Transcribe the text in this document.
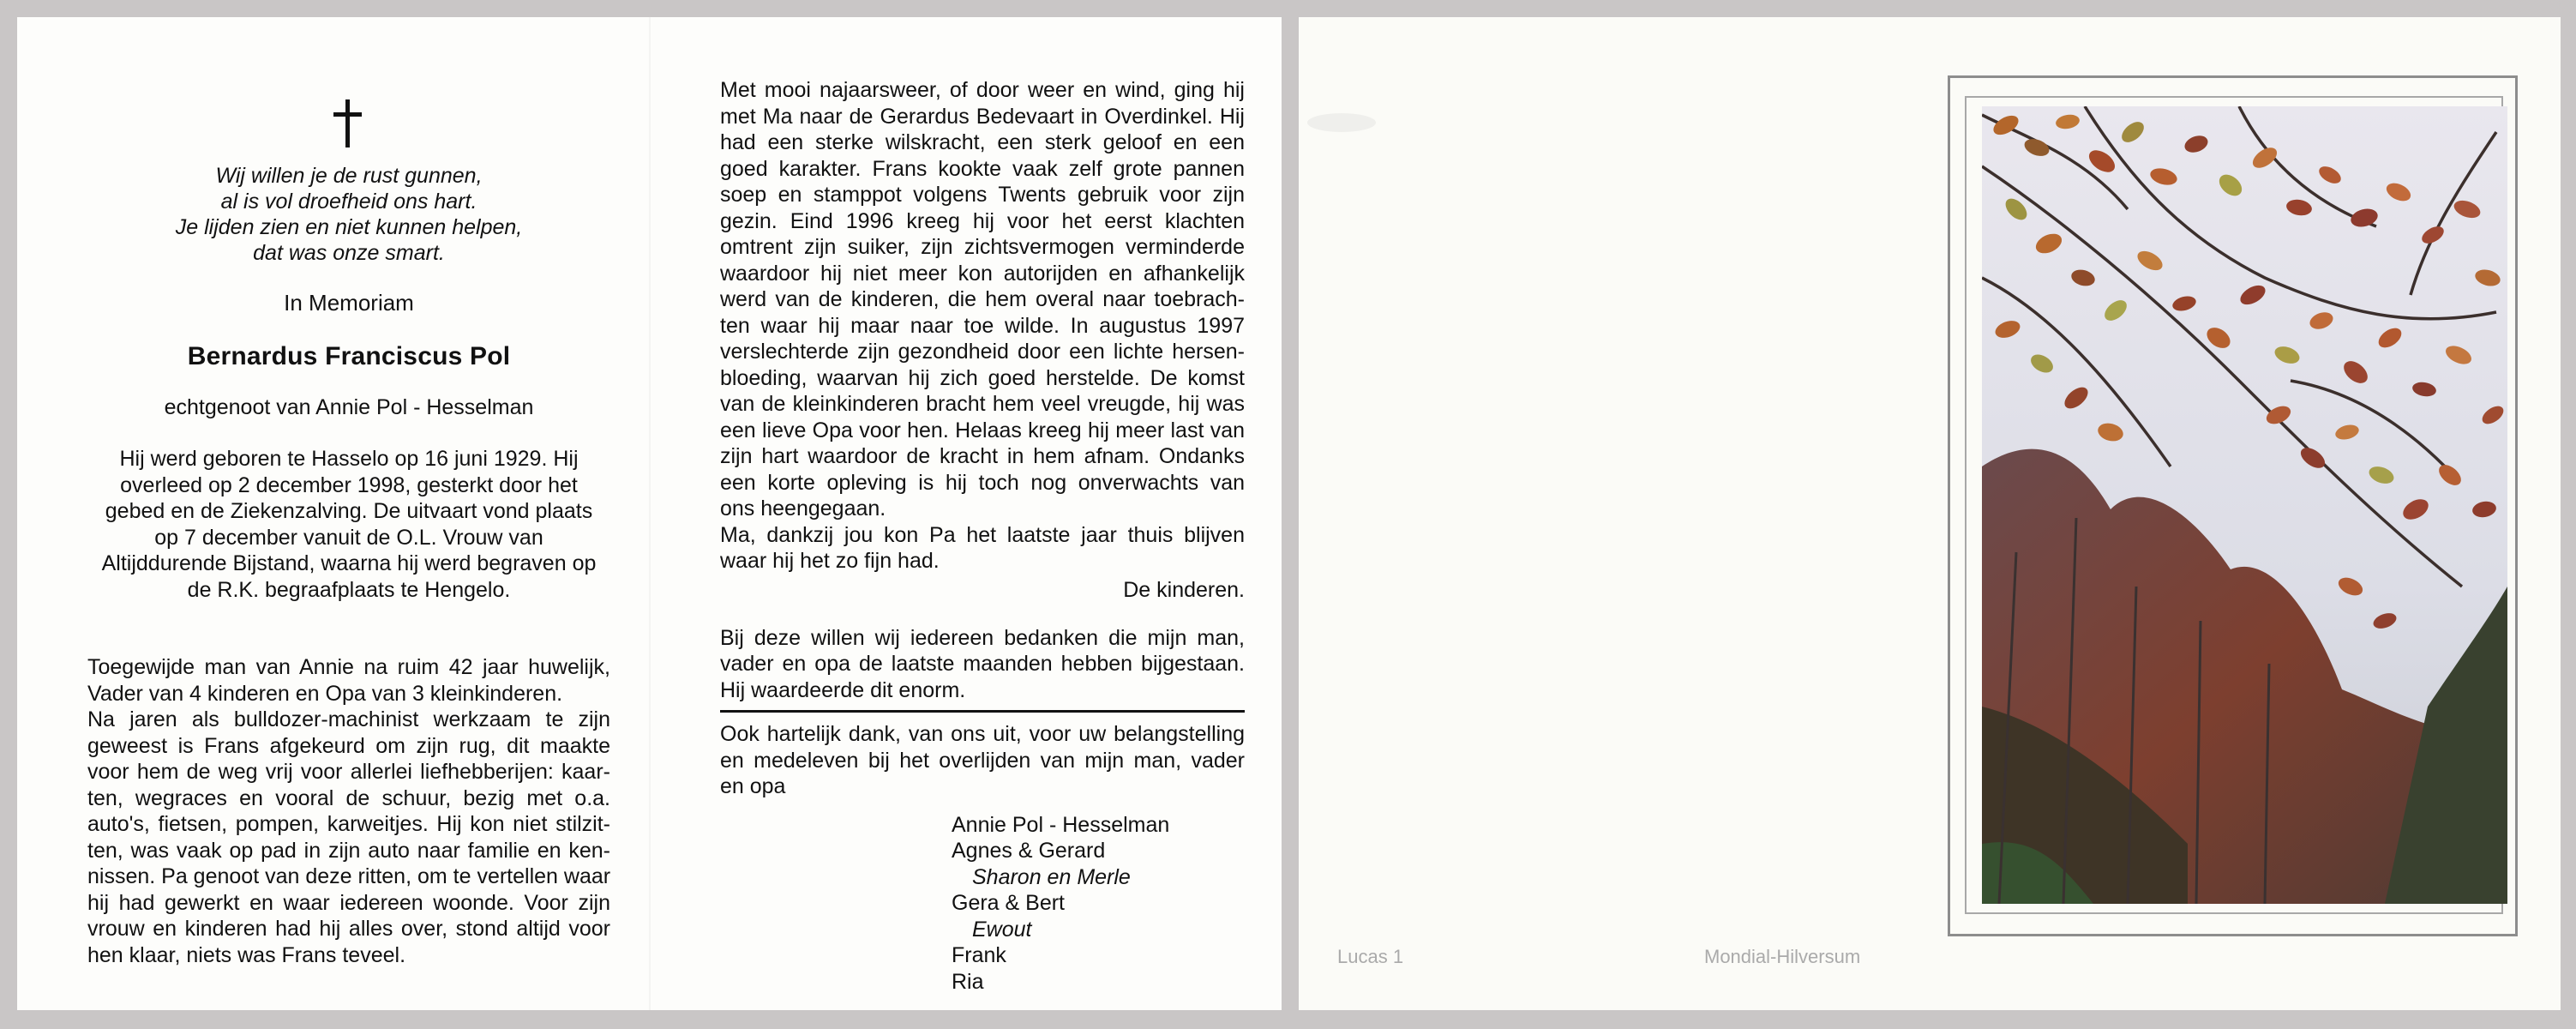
Wij willen je de rust gunnen,
al is vol droefheid ons hart.
Je lijden zien en niet kunnen helpen,
dat was onze smart.
In Memoriam
Bernardus Franciscus Pol
echtgenoot van Annie Pol - Hesselman
Hij werd geboren te Hasselo op 16 juni 1929. Hij
overleed op 2 december 1998, gesterkt door het
gebed en de Ziekenzalving. De uitvaart vond plaats
op 7 december vanuit de O.L. Vrouw van
Altijddurende Bijstand, waarna hij werd begraven op
de R.K. begraafplaats te Hengelo.
Toegewijde man van Annie na ruim 42 jaar huwelijk,
Vader van 4 kinderen en Opa van 3 kleinkinderen.
Na jaren als bulldozer-machinist werkzaam te zijn
geweest is Frans afgekeurd om zijn rug, dit maakte
voor hem de weg vrij voor allerlei liefhebberijen: kaar-
ten, wegraces en vooral de schuur, bezig met o.a.
auto's, fietsen, pompen, karweitjes. Hij kon niet stilzit-
ten, was vaak op pad in zijn auto naar familie en ken-
nissen. Pa genoot van deze ritten, om te vertellen waar
hij had gewerkt en waar iedereen woonde. Voor zijn
vrouw en kinderen had hij alles over, stond altijd voor
hen klaar, niets was Frans teveel.
Met mooi najaarsweer, of door weer en wind, ging hij
met Ma naar de Gerardus Bedevaart in Overdinkel. Hij
had een sterke wilskracht, een sterk geloof en een
goed karakter. Frans kookte vaak zelf grote pannen
soep en stamppot volgens Twents gebruik voor zijn
gezin. Eind 1996 kreeg hij voor het eerst klachten
omtrent zijn suiker, zijn zichtsvermogen verminderde
waardoor hij niet meer kon autorijden en afhankelijk
werd van de kinderen, die hem overal naar toebrach-
ten waar hij maar naar toe wilde. In augustus 1997
verslechterde zijn gezondheid door een lichte hersen-
bloeding, waarvan hij zich goed herstelde. De komst
van de kleinkinderen bracht hem veel vreugde, hij was
een lieve Opa voor hen. Helaas kreeg hij meer last van
zijn hart waardoor de kracht in hem afnam. Ondanks
een korte opleving is hij toch nog onverwachts van
ons heengegaan.
Ma, dankzij jou kon Pa het laatste jaar thuis blijven
waar hij het zo fijn had.
De kinderen.
Bij deze willen wij iedereen bedanken die mijn man,
vader en opa de laatste maanden hebben bijgestaan.
Hij waardeerde dit enorm.
Ook hartelijk dank, van ons uit, voor uw belangstelling
en medeleven bij het overlijden van mijn man, vader
en opa
Annie Pol - Hesselman
Agnes & Gerard
Sharon en Merle
Gera & Bert
Ewout
Frank
Ria
Lucas 1	Mondial-Hilversum
